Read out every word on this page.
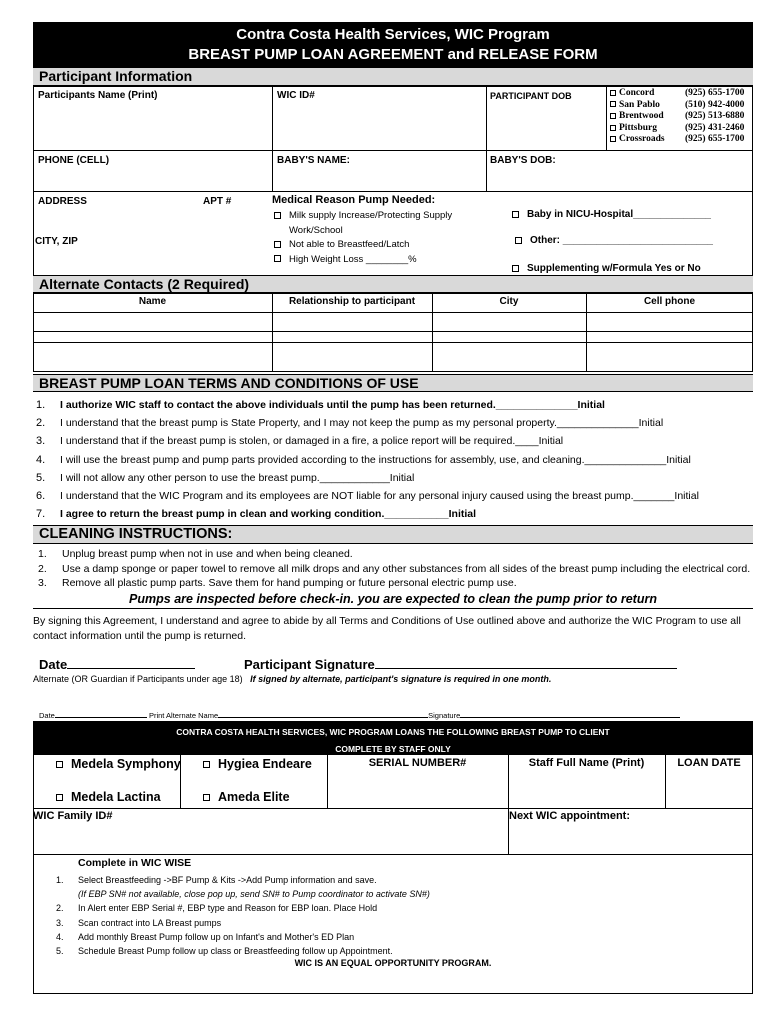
Contra Costa Health Services, WIC Program
BREAST PUMP LOAN AGREEMENT and RELEASE FORM
Participant Information
Participants Name (Print)	WIC ID#	PARTICIPANT DOB	Concord	(925) 655-1700
San Pablo	(510) 942-4000
Brentwood (925) 513-6880
Pittsburg	(925) 431-2460
Crossroads (925) 655-1700
PHONE (CELL)	BABY'S NAME:	BABY'S DOB:
ADDRESS	APT #
CITY, ZIP
Medical Reason Pump Needed:
Milk supply Increase/Protecting Supply
Work/School
Not able to Breastfeed/Latch
High Weight Loss ________%
Baby in NICU-Hospital______________
Other: ___________________________
Supplementing w/Formula Yes or No
Alternate Contacts (2 Required)
Name	Relationship to participant	City	Cell phone
BREAST PUMP LOAN TERMS AND CONDITIONS OF USE
1. I authorize WIC staff to contact the above individuals until the pump has been returned.______________Initial
2. I understand that the breast pump is State Property, and I may not keep the pump as my personal property.______________Initial
3. I understand that if the breast pump is stolen, or damaged in a fire, a police report will be required.____Initial
4. I will use the breast pump and pump parts provided according to the instructions for assembly, use, and cleaning.______________Initial
5. I will not allow any other person to use the breast pump.____________Initial
6. I understand that the WIC Program and its employees are NOT liable for any personal injury caused using the breast pump._______Initial
7. I agree to return the breast pump in clean and working condition.___________Initial
CLEANING INSTRUCTIONS:
1. Unplug breast pump when not in use and when being cleaned.
2. Use a damp sponge or paper towel to remove all milk drops and any other substances from all sides of the breast pump including the electrical cord.
3. Remove all plastic pump parts. Save them for hand pumping or future personal electric pump use.
Pumps are inspected before check-in. you are expected to clean the pump prior to return
By signing this Agreement, I understand and agree to abide by all Terms and Conditions of Use outlined above and authorize the WIC Program to use all contact information until the pump is returned.
Date	Participant Signature
Alternate (OR Guardian if Participants under age 18) If signed by alternate, participant's signature is required in one month.
Date	Print Alternate Name	Signature
CONTRA COSTA HEALTH SERVICES, WIC PROGRAM LOANS THE FOLLOWING BREAST PUMP TO CLIENT
COMPLETE BY STAFF ONLY
Medela Symphony	Hygiea Endeare
Medela Lactina	Ameda Elite
SERIAL NUMBER#	Staff Full Name (Print)	LOAN DATE
WIC Family ID#	Next WIC appointment:
Complete in WIC WISE
1. Select Breastfeeding ->BF Pump & Kits ->Add Pump information and save.
(If EBP SN# not available, close pop up, send SN# to Pump coordinator to activate SN#)
2. In Alert enter EBP Serial #, EBP type and Reason for EBP loan. Place Hold
3. Scan contract into LA Breast pumps
4. Add monthly Breast Pump follow up on Infant's and Mother's ED Plan
5. Schedule Breast Pump follow up class or Breastfeeding follow up Appointment.
WIC IS AN EQUAL OPPORTUNITY PROGRAM.
